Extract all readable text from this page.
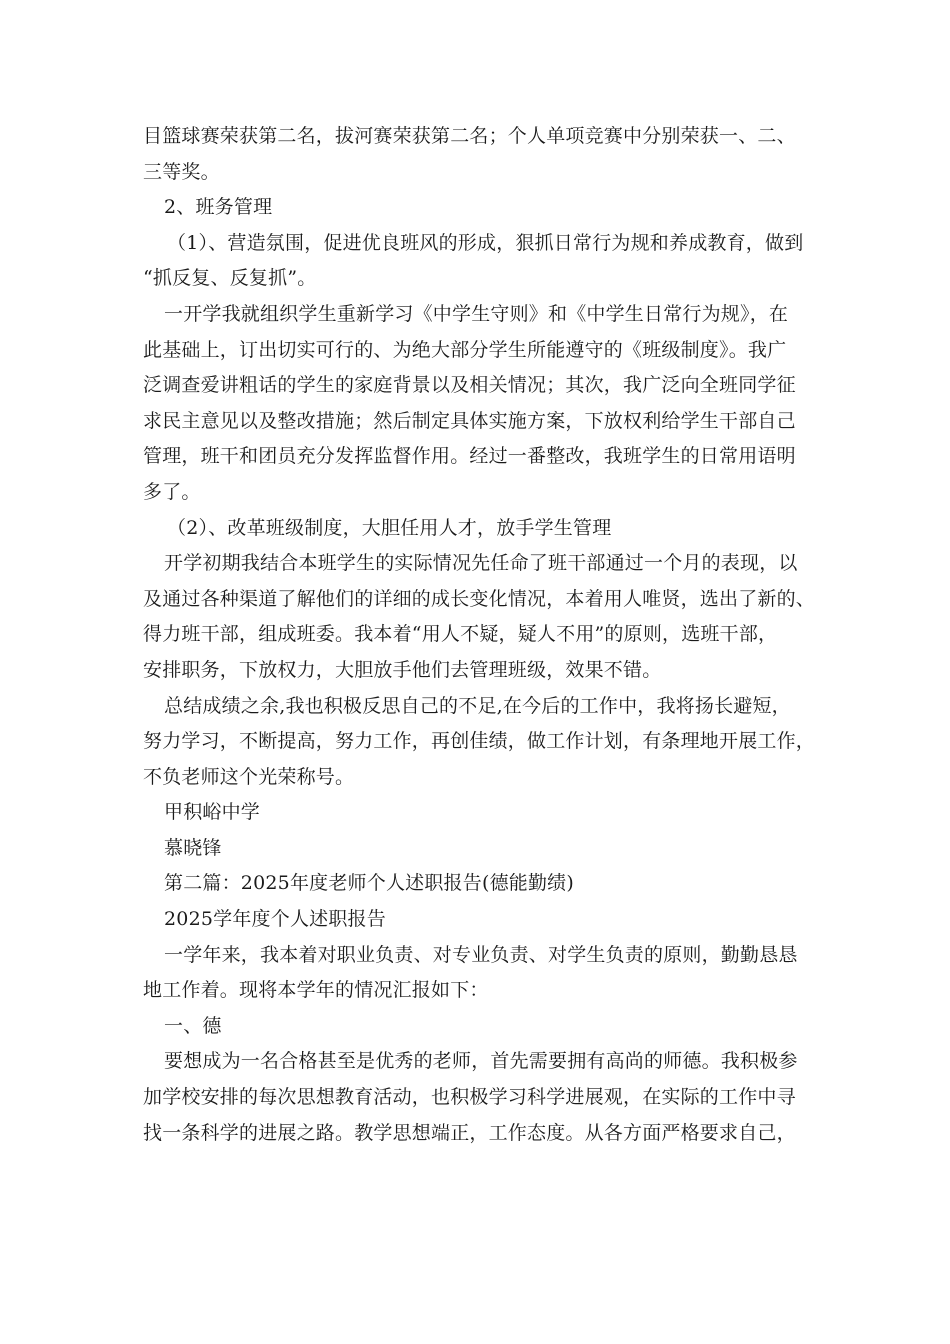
目篮球赛荣获第二名，拔河赛荣获第二名；个人单项竞赛中分别荣获一、二、
三等奖。
2、班务管理
（1）、营造氛围，促进优良班风的形成，狠抓日常行为规和养成教育，做到
“抓反复、反复抓”。
一开学我就组织学生重新学习《中学生守则》和《中学生日常行为规》，在
此基础上，订出切实可行的、为绝大部分学生所能遵守的《班级制度》。我广
泛调查爱讲粗话的学生的家庭背景以及相关情况；其次，我广泛向全班同学征
求民主意见以及整改措施；然后制定具体实施方案，下放权利给学生干部自己
管理，班干和团员充分发挥监督作用。经过一番整改，我班学生的日常用语明
多了。
（2）、改革班级制度，大胆任用人才，放手学生管理
开学初期我结合本班学生的实际情况先任命了班干部通过一个月的表现，以
及通过各种渠道了解他们的详细的成长变化情况，本着用人唯贤，选出了新的、
得力班干部，组成班委。我本着“用人不疑，疑人不用”的原则，选班干部，
安排职务，下放权力，大胆放手他们去管理班级，效果不错。
总结成绩之余,我也积极反思自己的不足,在今后的工作中，我将扬长避短，
努力学习，不断提高，努力工作，再创佳绩，做工作计划，有条理地开展工作，
不负老师这个光荣称号。
甲积峪中学
慕晓锋
第二篇：2025年度老师个人述职报告(德能勤绩)
2025学年度个人述职报告
一学年来，我本着对职业负责、对专业负责、对学生负责的原则，勤勤恳恳
地工作着。现将本学年的情况汇报如下：
一、德
要想成为一名合格甚至是优秀的老师，首先需要拥有高尚的师德。我积极参
加学校安排的每次思想教育活动，也积极学习科学进展观，在实际的工作中寻
找一条科学的进展之路。教学思想端正，工作态度。从各方面严格要求自己，
